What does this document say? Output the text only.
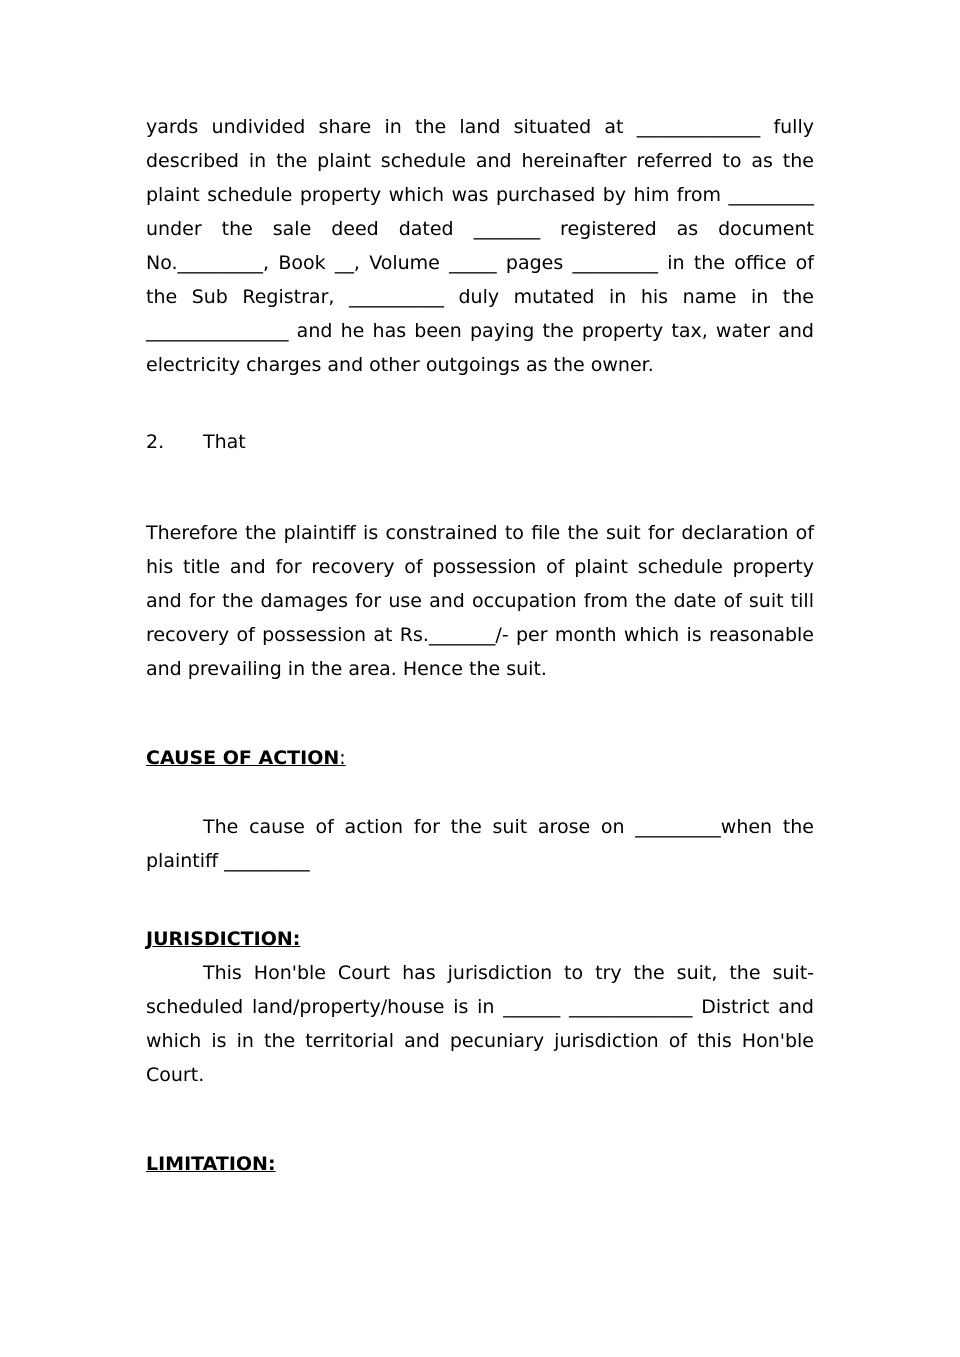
yards undivided share in the land situated at _____________ fully described in the plaint schedule and hereinafter referred to as the plaint schedule property which was purchased by him from _________ under the sale deed dated _______ registered as document No._________, Book __, Volume _____ pages _________ in the office of the Sub Registrar, __________ duly mutated in his name in the _______________ and he has been paying the property tax, water and electricity charges and other outgoings as the owner.

2. That

Therefore the plaintiff is constrained to file the suit for declaration of his title and for recovery of possession of plaint schedule property and for the damages for use and occupation from the date of suit till recovery of possession at Rs._______/- per month which is reasonable and prevailing in the area. Hence the suit.

CAUSE OF ACTION:

The cause of action for the suit arose on _________when the plaintiff _________

JURISDICTION:

This Hon'ble Court has jurisdiction to try the suit, the suit-scheduled land/property/house is in ______ _____________ District and which is in the territorial and pecuniary jurisdiction of this Hon'ble Court.

LIMITATION:
